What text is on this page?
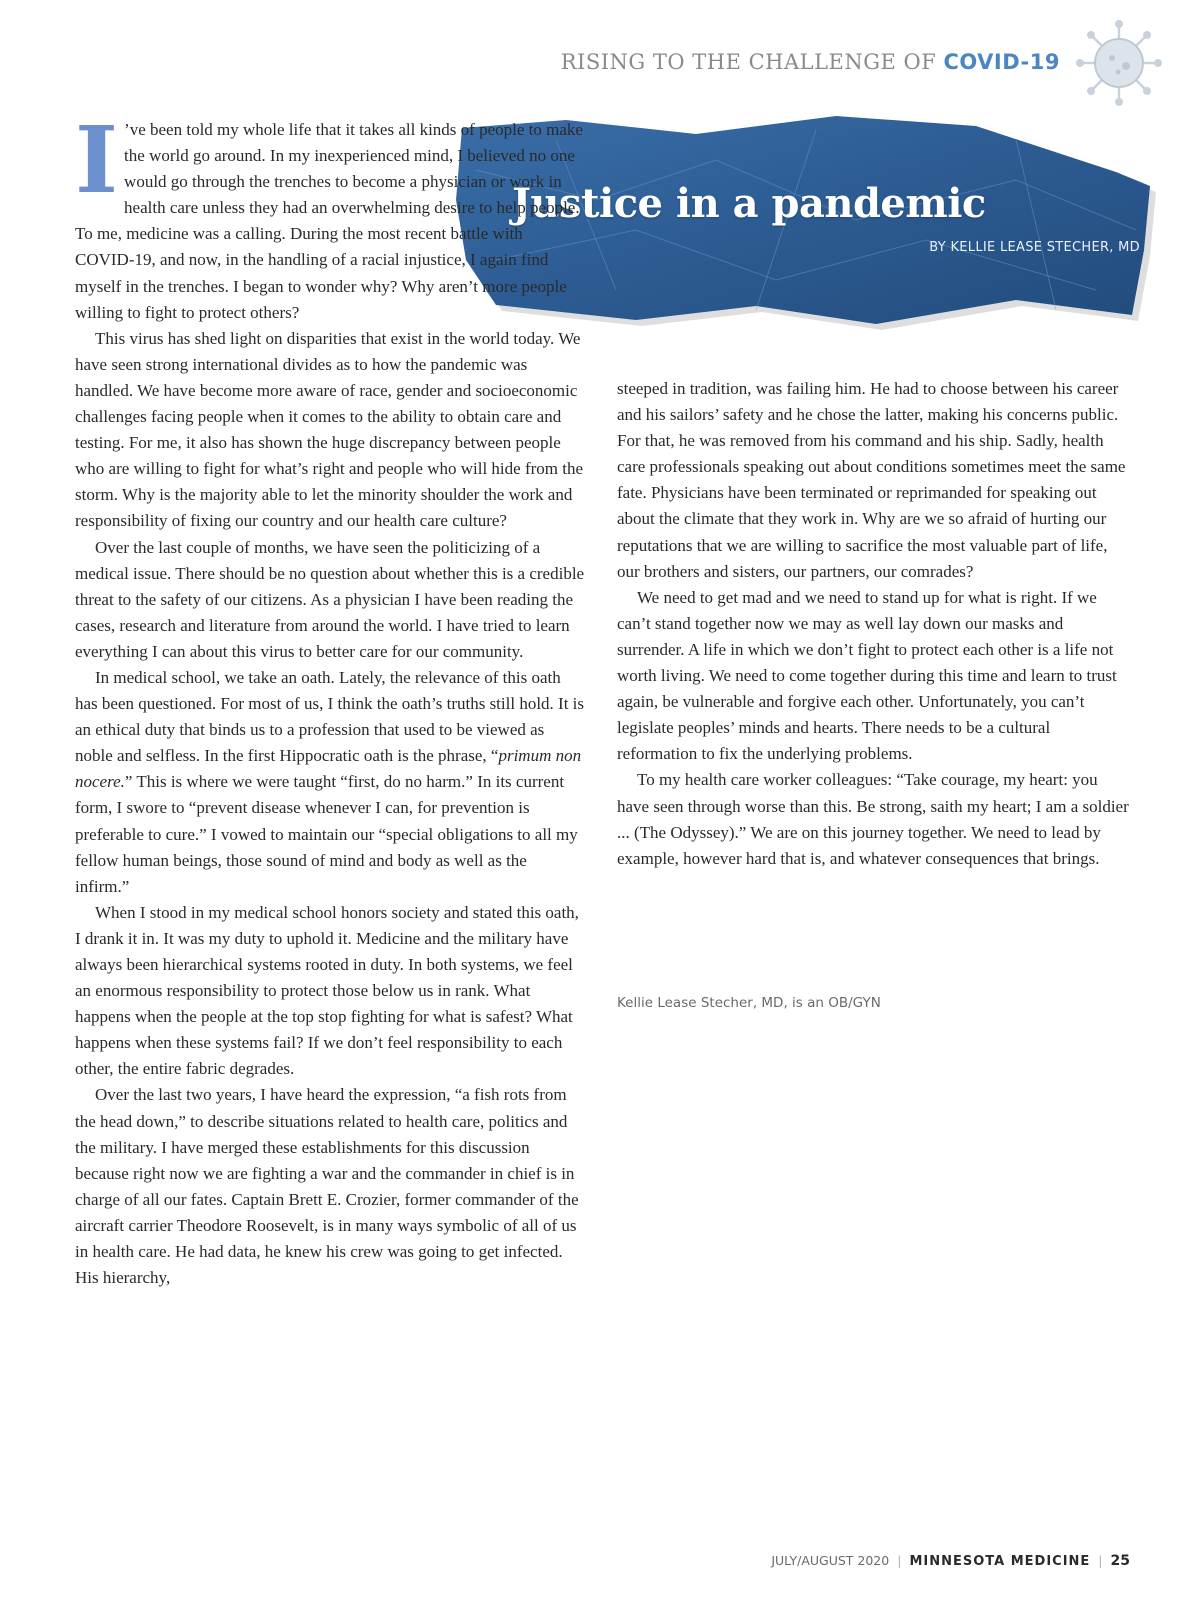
RISING TO THE CHALLENGE OF COVID-19
Justice in a pandemic
BY KELLIE LEASE STECHER, MD

I ’ve been told my whole life that it takes all kinds of people to make the world go around. In my inexperienced mind, I believed no one would go through the trenches to become a physician or work in health care unless they had an overwhelming desire to help people. To me, medicine was a calling. During the most recent battle with COVID-19, and now, in the handling of a racial injustice, I again find myself in the trenches. I began to wonder why? Why aren’t more people willing to fight to protect others?

This virus has shed light on disparities that exist in the world today. We have seen strong international divides as to how the pandemic was handled. We have become more aware of race, gender and socioeconomic challenges facing people when it comes to the ability to obtain care and testing. For me, it also has shown the huge discrepancy between people who are willing to fight for what’s right and people who will hide from the storm. Why is the majority able to let the minority shoulder the work and responsibility of fixing our country and our health care culture?

Over the last couple of months, we have seen the politicizing of a medical issue. There should be no question about whether this is a credible threat to the safety of our citizens. As a physician I have been reading the cases, research and literature from around the world. I have tried to learn everything I can about this virus to better care for our community.

In medical school, we take an oath. Lately, the relevance of this oath has been questioned. For most of us, I think the oath’s truths still hold. It is an ethical duty that binds us to a profession that used to be viewed as noble and selfless. In the first Hippocratic oath is the phrase, “primum non nocere.” This is where we were taught “first, do no harm.” In its current form, I swore to “prevent disease whenever I can, for prevention is preferable to cure.” I vowed to maintain our “special obligations to all my fellow human beings, those sound of mind and body as well as the infirm.”

When I stood in my medical school honors society and stated this oath, I drank it in. It was my duty to uphold it. Medicine and the military have always been hierarchical systems rooted in duty. In both systems, we feel an enormous responsibility to protect those below us in rank. What happens when the people at the top stop fighting for what is safest? What happens when these systems fail? If we don’t feel responsibility to each other, the entire fabric degrades.

Over the last two years, I have heard the expression, “a fish rots from the head down,” to describe situations related to health care, politics and the military. I have merged these establishments for this discussion because right now we are fighting a war and the commander in chief is in charge of all our fates. Captain Brett E. Crozier, former commander of the aircraft carrier Theodore Roosevelt, is in many ways symbolic of all of us in health care. He had data, he knew his crew was going to get infected. His hierarchy,

steeped in tradition, was failing him. He had to choose between his career and his sailors’ safety and he chose the latter, making his concerns public. For that, he was removed from his command and his ship. Sadly, health care professionals speaking out about conditions sometimes meet the same fate. Physicians have been terminated or reprimanded for speaking out about the climate that they work in. Why are we so afraid of hurting our reputations that we are willing to sacrifice the most valuable part of life, our brothers and sisters, our partners, our comrades?

We need to get mad and we need to stand up for what is right. If we can’t stand together now we may as well lay down our masks and surrender. A life in which we don’t fight to protect each other is a life not worth living. We need to come together during this time and learn to trust again, be vulnerable and forgive each other. Unfortunately, you can’t legislate peoples’ minds and hearts. There needs to be a cultural reformation to fix the underlying problems.

To my health care worker colleagues: “Take courage, my heart: you have seen through worse than this. Be strong, saith my heart; I am a soldier ... (The Odyssey).” We are on this journey together. We need to lead by example, however hard that is, and whatever consequences that brings.

Kellie Lease Stecher, MD, is an OB/GYN
JULY/AUGUST 2020 | MINNESOTA MEDICINE | 25
